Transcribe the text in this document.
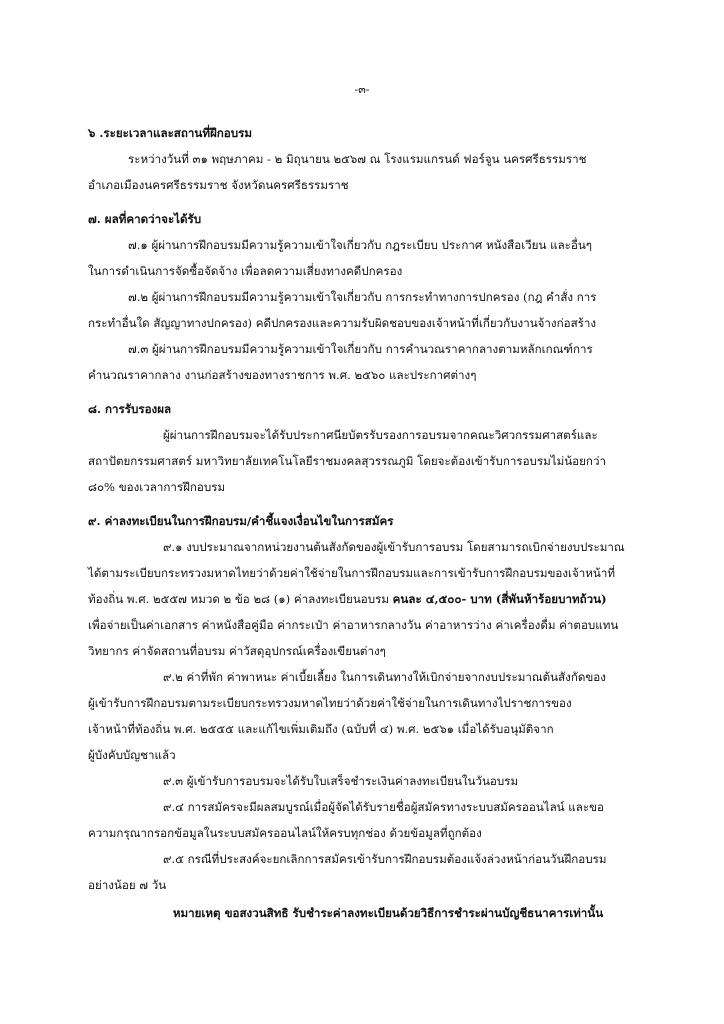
-๓-
๖ .ระยะเวลาและสถานที่ฝึกอบรม
ระหว่างวันที่ ๓๑ พฤษภาคม - ๒ มิถุนายน ๒๕๖๗ ณ โรงแรมแกรนด์ ฟอร์จูน นครศรีธรรมราช
อำเภอเมืองนครศรีธรรมราช จังหวัดนครศรีธรรมราช
๗. ผลที่คาดว่าจะได้รับ
๗.๑ ผู้ผ่านการฝึกอบรมมีความรู้ความเข้าใจเกี่ยวกับ กฎระเบียบ ประกาศ หนังสือเวียน และอื่นๆ
ในการดำเนินการจัดซื้อจัดจ้าง เพื่อลดความเสี่ยงทางคดีปกครอง
๗.๒ ผู้ผ่านการฝึกอบรมมีความรู้ความเข้าใจเกี่ยวกับ การกระทำทางการปกครอง (กฎ คำสั่ง การ
กระทำอื่นใด สัญญาทางปกครอง) คดีปกครองและความรับผิดชอบของเจ้าหน้าที่เกี่ยวกับงานจ้างก่อสร้าง
๗.๓ ผู้ผ่านการฝึกอบรมมีความรู้ความเข้าใจเกี่ยวกับ การคำนวณราคากลางตามหลักเกณฑ์การ
คำนวณราคากลาง งานก่อสร้างของทางราชการ พ.ศ. ๒๕๖๐ และประกาศต่างๆ
๘. การรับรองผล
ผู้ผ่านการฝึกอบรมจะได้รับประกาศนียบัตรรับรองการอบรมจากคณะวิศวกรรมศาสตร์และ
สถาปัตยกรรมศาสตร์ มหาวิทยาลัยเทคโนโลยีราชมงคลสุวรรณภูมิ โดยจะต้องเข้ารับการอบรมไม่น้อยกว่า
๘๐% ของเวลาการฝึกอบรม
๙. ค่าลงทะเบียนในการฝึกอบรม/คำชี้แจงเงื่อนไขในการสมัคร
๙.๑ งบประมาณจากหน่วยงานต้นสังกัดของผู้เข้ารับการอบรม โดยสามารถเบิกจ่ายงบประมาณ
ได้ตามระเบียบกระทรวงมหาดไทยว่าด้วยค่าใช้จ่ายในการฝึกอบรมและการเข้ารับการฝึกอบรมของเจ้าหน้าที่
ท้องถิ่น พ.ศ. ๒๕๕๗ หมวด ๒ ข้อ ๒๘ (๑) ค่าลงทะเบียนอบรม คนละ ๔,๕๐๐- บาท (สี่พันห้าร้อยบาทถ้วน)
เพื่อจ่ายเป็นค่าเอกสาร ค่าหนังสือคู่มือ ค่ากระเป๋า ค่าอาหารกลางวัน ค่าอาหารว่าง ค่าเครื่องดื่ม ค่าตอบแทน
วิทยากร ค่าจัดสถานที่อบรม ค่าวัสดุอุปกรณ์เครื่องเขียนต่างๆ
๙.๒ ค่าที่พัก ค่าพาหนะ ค่าเบี้ยเลี้ยง ในการเดินทางให้เบิกจ่ายจากงบประมาณต้นสังกัดของ
ผู้เข้ารับการฝึกอบรมตามระเบียบกระทรวงมหาดไทยว่าด้วยค่าใช้จ่ายในการเดินทางไปราชการของ
เจ้าหน้าที่ท้องถิ่น พ.ศ. ๒๕๕๕ และแก้ไขเพิ่มเติมถึง (ฉบับที่ ๔) พ.ศ. ๒๕๖๑ เมื่อได้รับอนุมัติจาก
ผู้บังคับบัญชาแล้ว
๙.๓ ผู้เข้ารับการอบรมจะได้รับใบเสร็จชำระเงินค่าลงทะเบียนในวันอบรม
๙.๔ การสมัครจะมีผลสมบูรณ์เมื่อผู้จัดได้รับรายชื่อผู้สมัครทางระบบสมัครออนไลน์ และขอ
ความกรุณากรอกข้อมูลในระบบสมัครออนไลน์ให้ครบทุกช่อง ด้วยข้อมูลที่ถูกต้อง
๙.๕ กรณีที่ประสงค์จะยกเลิกการสมัครเข้ารับการฝึกอบรมต้องแจ้งล่วงหน้าก่อนวันฝึกอบรม
อย่างน้อย ๗ วัน
หมายเหตุ ขอสงวนสิทธิ รับชำระค่าลงทะเบียนด้วยวิธีการชำระผ่านบัญชีธนาคารเท่านั้น
